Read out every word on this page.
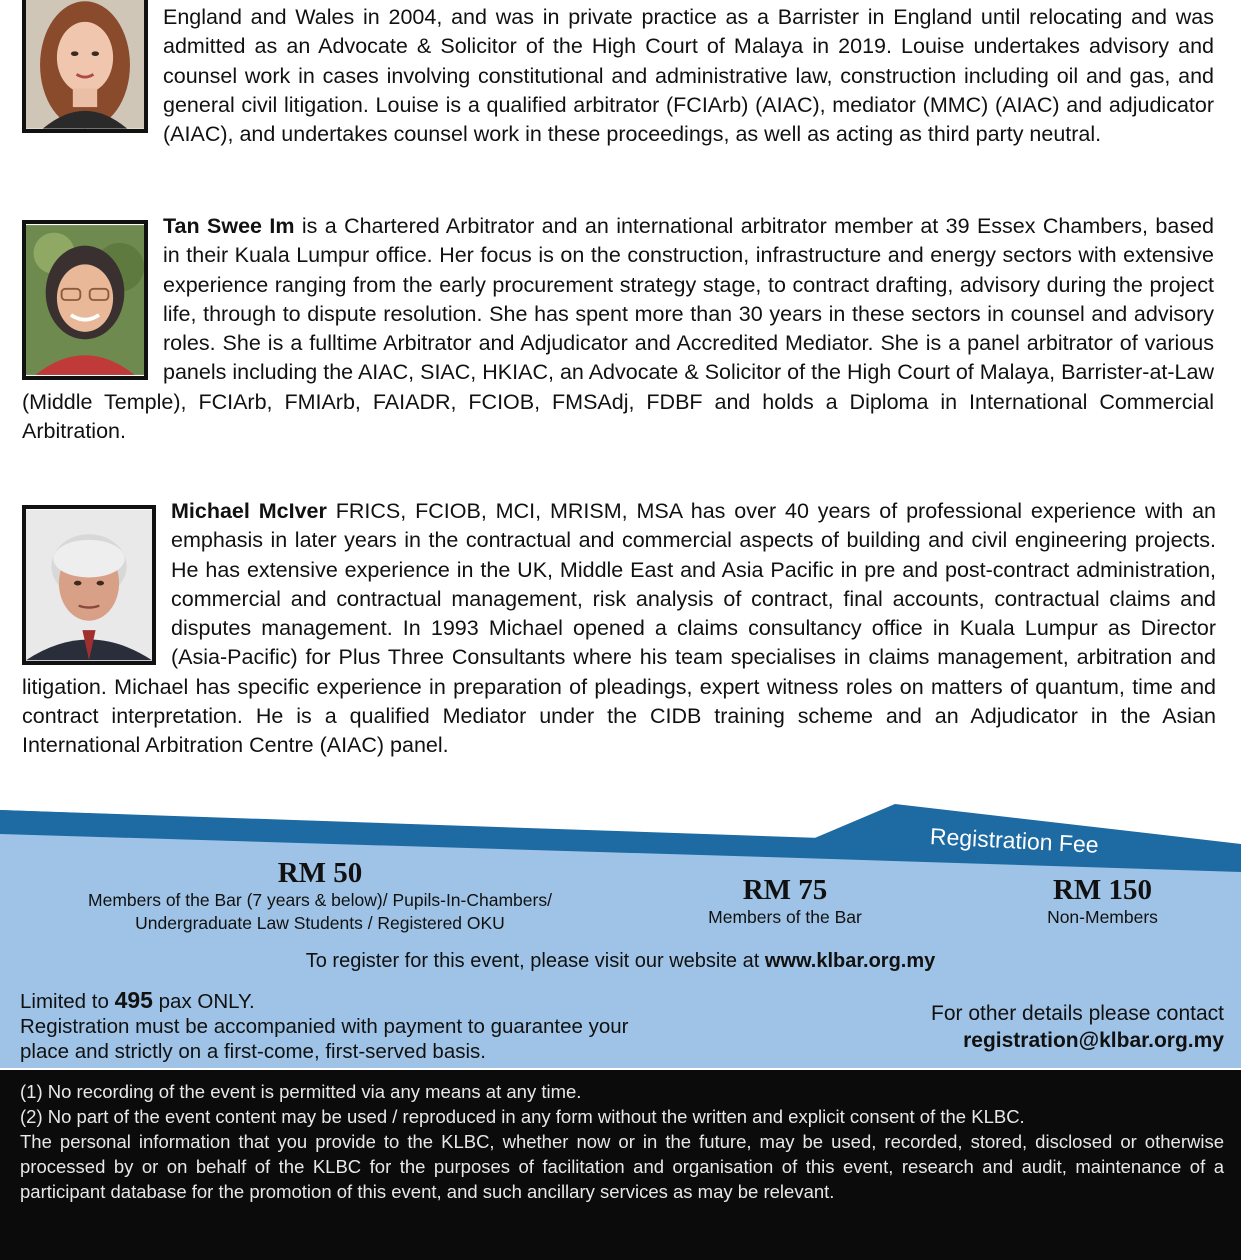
England and Wales in 2004, and was in private practice as a Barrister in England until relocating and was admitted as an Advocate & Solicitor of the High Court of Malaya in 2019. Louise undertakes advisory and counsel work in cases involving constitutional and administrative law, construction including oil and gas, and general civil litigation. Louise is a qualified arbitrator (FCIArb) (AIAC), mediator (MMC) (AIAC) and adjudicator (AIAC), and undertakes counsel work in these proceedings, as well as acting as third party neutral.

Tan Swee Im is a Chartered Arbitrator and an international arbitrator member at 39 Essex Chambers, based in their Kuala Lumpur office. Her focus is on the construction, infrastructure and energy sectors with extensive experience ranging from the early procurement strategy stage, to contract drafting, advisory during the project life, through to dispute resolution. She has spent more than 30 years in these sectors in counsel and advisory roles. She is a fulltime Arbitrator and Adjudicator and Accredited Mediator. She is a panel arbitrator of various panels including the AIAC, SIAC, HKIAC, an Advocate & Solicitor of the High Court of Malaya, Barrister-at-Law (Middle Temple), FCIArb, FMIArb, FAIADR, FCIOB, FMSAdj, FDBF and holds a Diploma in International Commercial Arbitration.

Michael McIver FRICS, FCIOB, MCI, MRISM, MSA has over 40 years of professional experience with an emphasis in later years in the contractual and commercial aspects of building and civil engineering projects. He has extensive experience in the UK, Middle East and Asia Pacific in pre and post-contract administration, commercial and contractual management, risk analysis of contract, final accounts, contractual claims and disputes management. In 1993 Michael opened a claims consultancy office in Kuala Lumpur as Director (Asia-Pacific) for Plus Three Consultants where his team specialises in claims management, arbitration and litigation. Michael has specific experience in preparation of pleadings, expert witness roles on matters of quantum, time and contract interpretation. He is a qualified Mediator under the CIDB training scheme and an Adjudicator in the Asian International Arbitration Centre (AIAC) panel.

Registration Fee
RM 50
Members of the Bar (7 years & below)/ Pupils-In-Chambers/
Undergraduate Law Students / Registered OKU
RM 75
Members of the Bar
RM 150
Non-Members
To register for this event, please visit our website at www.klbar.org.my
Limited to 495 pax ONLY.
Registration must be accompanied with payment to guarantee your
place and strictly on a first-come, first-served basis.
For other details please contact
registration@klbar.org.my

(1) No recording of the event is permitted via any means at any time.

(2) No part of the event content may be used / reproduced in any form without the written and explicit consent of the KLBC.

The personal information that you provide to the KLBC, whether now or in the future, may be used, recorded, stored, disclosed or otherwise processed by or on behalf of the KLBC for the purposes of facilitation and organisation of this event, research and audit, maintenance of a participant database for the promotion of this event, and such ancillary services as may be relevant.
